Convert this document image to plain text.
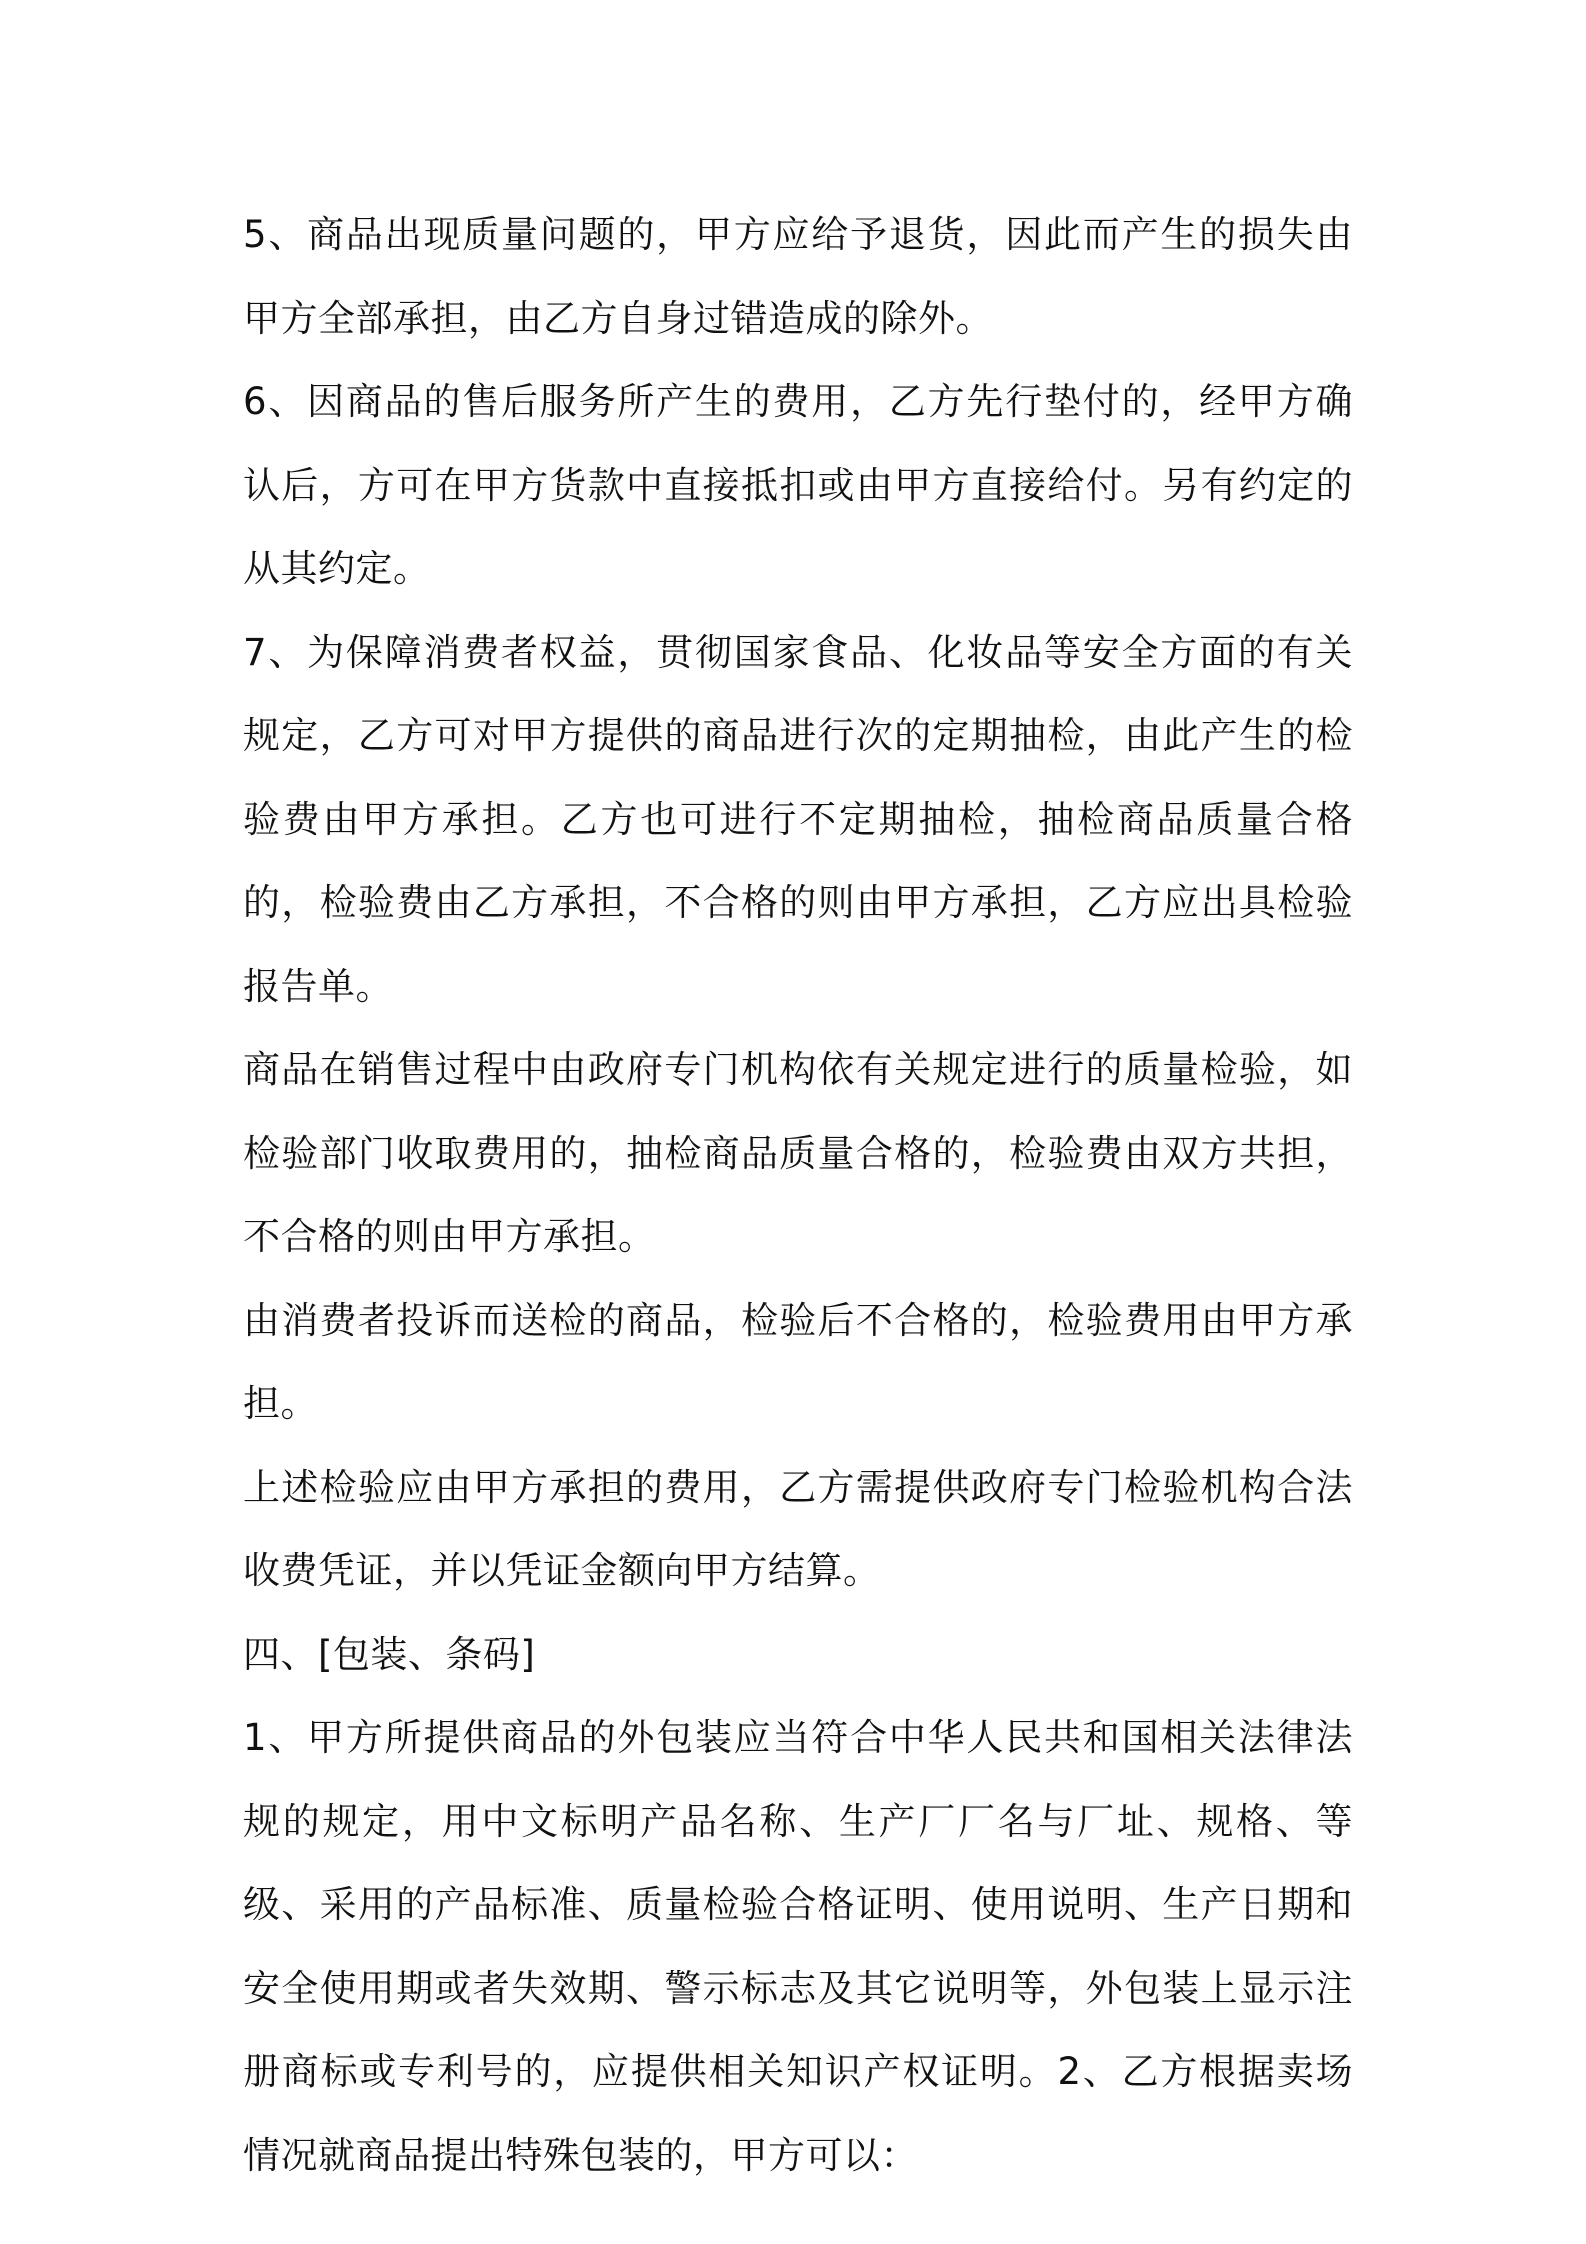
5、商品出现质量问题的，甲方应给予退货，因此而产生的损失由甲方全部承担，由乙方自身过错造成的除外。

6、因商品的售后服务所产生的费用，乙方先行垫付的，经甲方确认后，方可在甲方货款中直接抵扣或由甲方直接给付。另有约定的从其约定。

7、为保障消费者权益，贯彻国家食品、化妆品等安全方面的有关规定，乙方可对甲方提供的商品进行次的定期抽检，由此产生的检验费由甲方承担。乙方也可进行不定期抽检，抽检商品质量合格的，检验费由乙方承担，不合格的则由甲方承担，乙方应出具检验报告单。

商品在销售过程中由政府专门机构依有关规定进行的质量检验，如检验部门收取费用的，抽检商品质量合格的，检验费由双方共担，不合格的则由甲方承担。

由消费者投诉而送检的商品，检验后不合格的，检验费用由甲方承担。

上述检验应由甲方承担的费用，乙方需提供政府专门检验机构合法收费凭证，并以凭证金额向甲方结算。

四、[包装、条码]

1、甲方所提供商品的外包装应当符合中华人民共和国相关法律法规的规定，用中文标明产品名称、生产厂厂名与厂址、规格、等级、采用的产品标准、质量检验合格证明、使用说明、生产日期和安全使用期或者失效期、警示标志及其它说明等，外包装上显示注册商标或专利号的，应提供相关知识产权证明。2、乙方根据卖场情况就商品提出特殊包装的，甲方可以：
